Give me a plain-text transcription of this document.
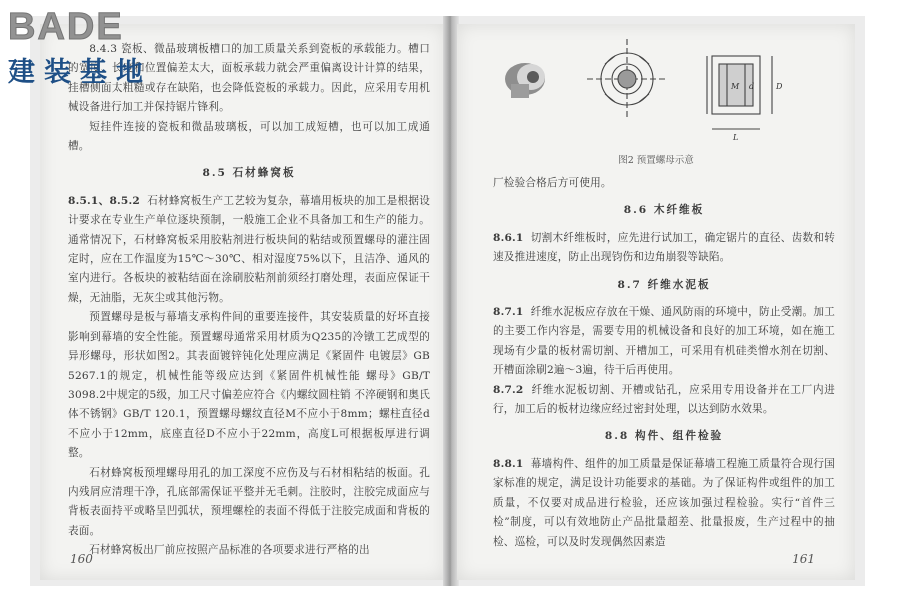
8.4.3 瓷板、微晶玻璃板槽口的加工质量关系到瓷板的承载能力。槽口的宽度、长度和位置偏差太大，面板承载力就会严重偏离设计计算的结果，挂槽侧面太粗糙或存在缺陷，也会降低瓷板的承载力。因此，应采用专用机械设备进行加工并保持锯片锋利。

短挂件连接的瓷板和微晶玻璃板，可以加工成短槽，也可以加工成通槽。

8.5 石材蜂窝板

8.5.1、8.5.2 石材蜂窝板生产工艺较为复杂，幕墙用板块的加工是根据设计要求在专业生产单位逐块预制，一般施工企业不具备加工和生产的能力。通常情况下，石材蜂窝板采用胶粘剂进行板块间的粘结或预置螺母的灌注固定时，应在工作温度为15℃～30℃、相对湿度75%以下，且洁净、通风的室内进行。各板块的被粘结面在涂刷胶粘剂前须经打磨处理，表面应保证干燥，无油脂，无灰尘或其他污物。

预置螺母是板与幕墙支承构件间的重要连接件，其安装质量的好坏直接影响到幕墙的安全性能。预置螺母通常采用材质为Q235的冷镦工艺成型的异形螺母，形状如图2。其表面镀锌钝化处理应满足《紧固件 电镀层》GB 5267.1的规定，机械性能等级应达到《紧固件机械性能 螺母》GB/T 3098.2中规定的5级，加工尺寸偏差应符合《内螺纹圆柱销 不淬硬钢和奥氏体不锈钢》GB/T 120.1，预置螺母螺纹直径M不应小于8mm；螺柱直径d不应小于12mm，底座直径D不应小于22mm，高度L可根据板厚进行调整。

石材蜂窝板预埋螺母用孔的加工深度不应伤及与石材相粘结的板面。孔内残屑应清理干净，孔底部需保证平整并无毛刺。注胶时，注胶完成面应与背板表面持平或略呈凹弧状，预埋螺栓的表面不得低于注胶完成面和背板的表面。

石材蜂窝板出厂前应按照产品标准的各项要求进行严格的出

160
M d	D
L
图2 预置螺母示意

厂检验合格后方可使用。

8.6 木纤维板

8.6.1 切割木纤维板时，应先进行试加工，确定锯片的直径、齿数和转速及推进速度，防止出现钧伤和边角崩裂等缺陷。

8.7 纤维水泥板

8.7.1 纤维水泥板应存放在干燥、通风防雨的环境中，防止受潮。加工的主要工作内容是，需要专用的机械设备和良好的加工环境，如在施工现场有少量的板材需切割、开槽加工，可采用有机硅类憎水剂在切割、开槽面涂刷2遍～3遍，待干后再使用。

8.7.2 纤维水泥板切割、开槽或钻孔，应采用专用设备并在工厂内进行，加工后的板材边缘应经过密封处理，以达到防水效果。

8.8 构件、组件检验

8.8.1 幕墙构件、组件的加工质量是保证幕墙工程施工质量符合现行国家标准的规定，满足设计功能要求的基础。为了保证构件或组件的加工质量，不仅要对成品进行检验，还应该加强过程检验。实行“首件三检”制度，可以有效地防止产品批量超差、批量报废，生产过程中的抽检、巡检，可以及时发现偶然因素造

161
BADE
建装基地
